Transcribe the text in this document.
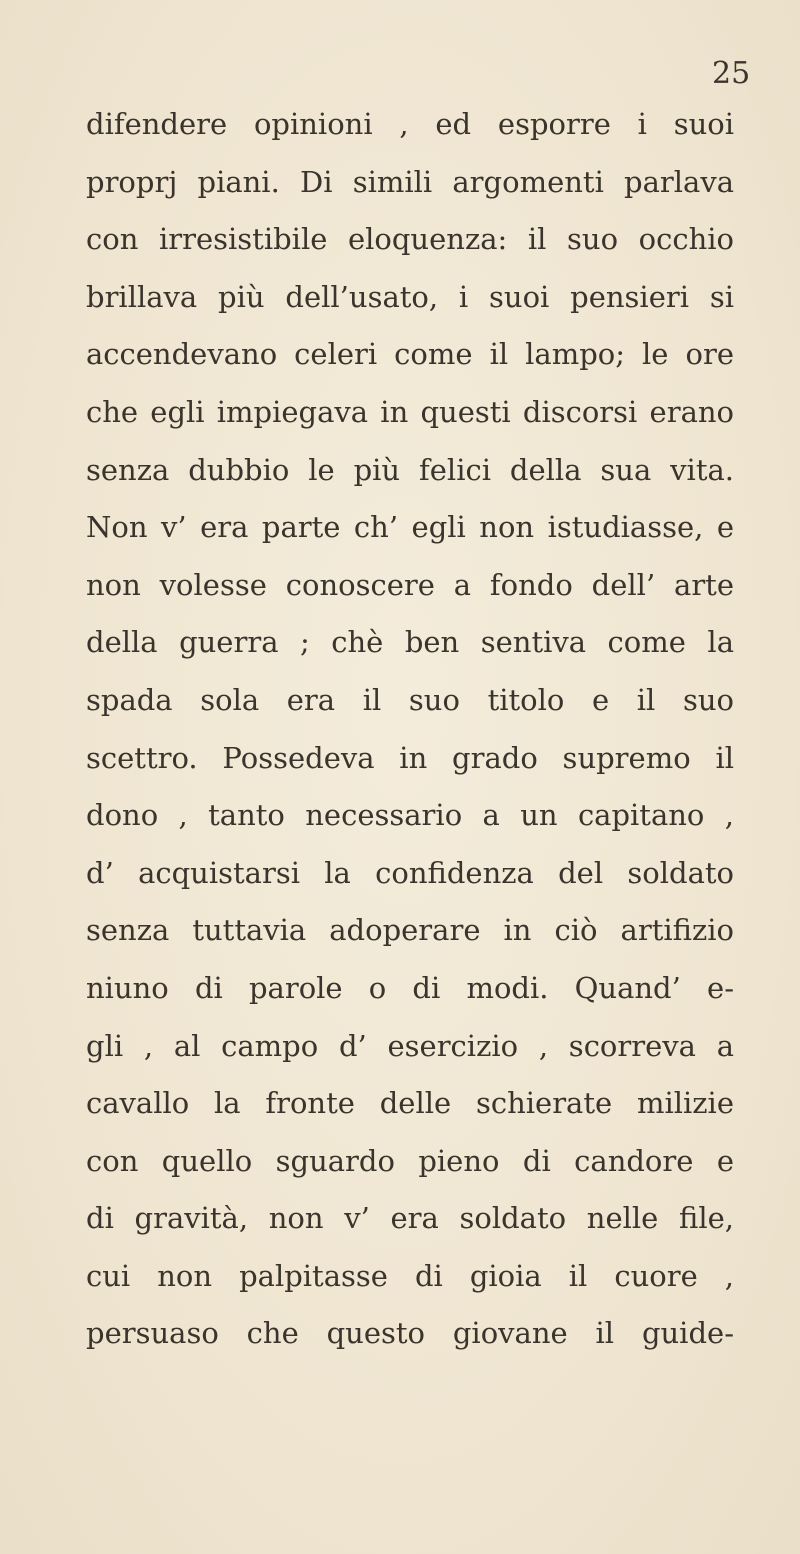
25
difendere opinioni , ed esporre i suoi
proprj piani. Di simili argomenti parlava
con irresistibile eloquenza: il suo occhio
brillava più dell’usato, i suoi pensieri si
accendevano celeri come il lampo; le ore
che egli impiegava in questi discorsi erano
senza dubbio le più felici della sua vita.
Non v’ era parte ch’ egli non istudiasse, e
non volesse conoscere a fondo dell’ arte
della guerra ; chè ben sentiva come la
spada sola era il suo titolo e il suo
scettro. Possedeva in grado supremo il
dono , tanto necessario a un capitano ,
d’ acquistarsi la confidenza del soldato
senza tuttavia adoperare in ciò artifizio
niuno di parole o di modi. Quand’ e-
gli , al campo d’ esercizio , scorreva a
cavallo la fronte delle schierate milizie
con quello sguardo pieno di candore e
di gravità, non v’ era soldato nelle file,
cui non palpitasse di gioia il cuore ,
persuaso che questo giovane il guide-
